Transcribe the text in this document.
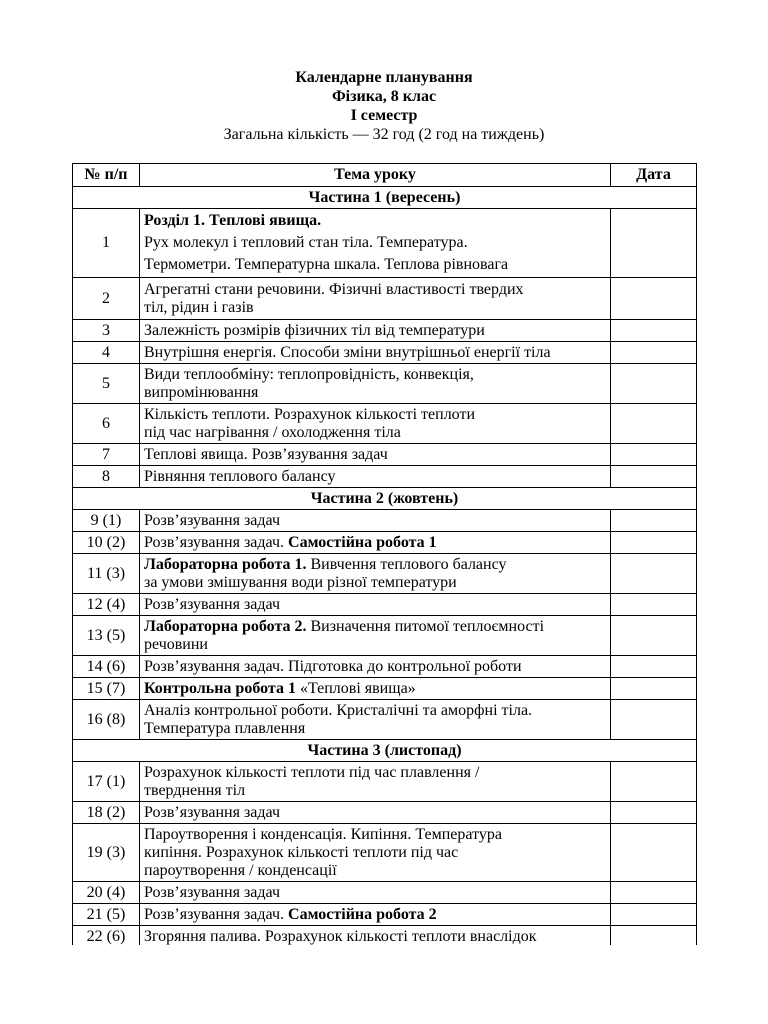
Календарне планування
Фізика, 8 клас
І семестр
Загальна кількість — 32 год (2 год на тиждень)
№ п/п	Тема уроку	Дата
Частина 1 (вересень)		
1	Розділ 1. Теплові явища.
Рух молекул і тепловий стан тіла. Температура.
Термометри. Температурна шкала. Теплова рівновага	

2	Агрегатні стани речовини. Фізичні властивості твердих
тіл, рідин і газів	

3	Залежність розмірів фізичних тіл від температури	
4	Внутрішня енергія. Способи зміни внутрішньої енергії тіла	
5	Види теплообміну: теплопровідність, конвекція,
випромінювання	

6	Кількість теплоти. Розрахунок кількості теплоти
під час нагрівання / охолодження тіла	

7	Теплові явища. Розв’язування задач	
8	Рівняння теплового балансу	
Частина 2 (жовтень)		
9 (1)	Розв’язування задач	
10 (2)	Розв’язування задач. Самостійна робота 1	
11 (3)	Лабораторна робота 1. Вивчення теплового балансу
за умови змішування води різної температури	

12 (4)	Розв’язування задач	
13 (5)	Лабораторна робота 2. Визначення питомої теплоємності
речовини	

14 (6)	Розв’язування задач. Підготовка до контрольної роботи	
15 (7)	Контрольна робота 1 «Теплові явища»	
16 (8)	Аналіз контрольної роботи. Кристалічні та аморфні тіла.
Температура плавлення	

Частина 3 (листопад)		
17 (1)	Розрахунок кількості теплоти під час плавлення /
тверднення тіл	

18 (2)	Розв’язування задач	
19 (3)	Пароутворення і конденсація. Кипіння. Температура
кипіння. Розрахунок кількості теплоти під час
пароутворення / конденсації	

20 (4)	Розв’язування задач	
21 (5)	Розв’язування задач. Самостійна робота 2	
22 (6)	Згоряння палива. Розрахунок кількості теплоти внаслідок	
